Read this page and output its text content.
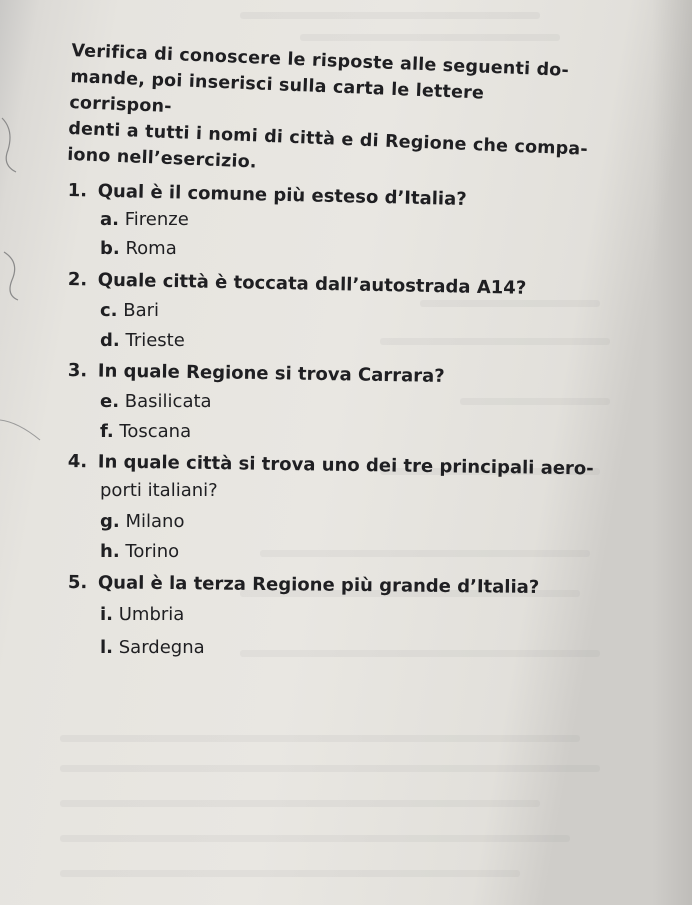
Verifica di conoscere le risposte alle seguenti do-
mande, poi inserisci sulla carta le lettere corrispon-
denti a tutti i nomi di città e di Regione che compa-
iono nell’esercizio.
1. Qual è il comune più esteso d’Italia?
a. Firenze
b. Roma
2. Quale città è toccata dall’autostrada A14?
c. Bari
d. Trieste
3. In quale Regione si trova Carrara?
e. Basilicata
f. Toscana
4. In quale città si trova uno dei tre principali aero-
porti italiani?
g. Milano
h. Torino
5. Qual è la terza Regione più grande d’Italia?
i. Umbria
l. Sardegna
